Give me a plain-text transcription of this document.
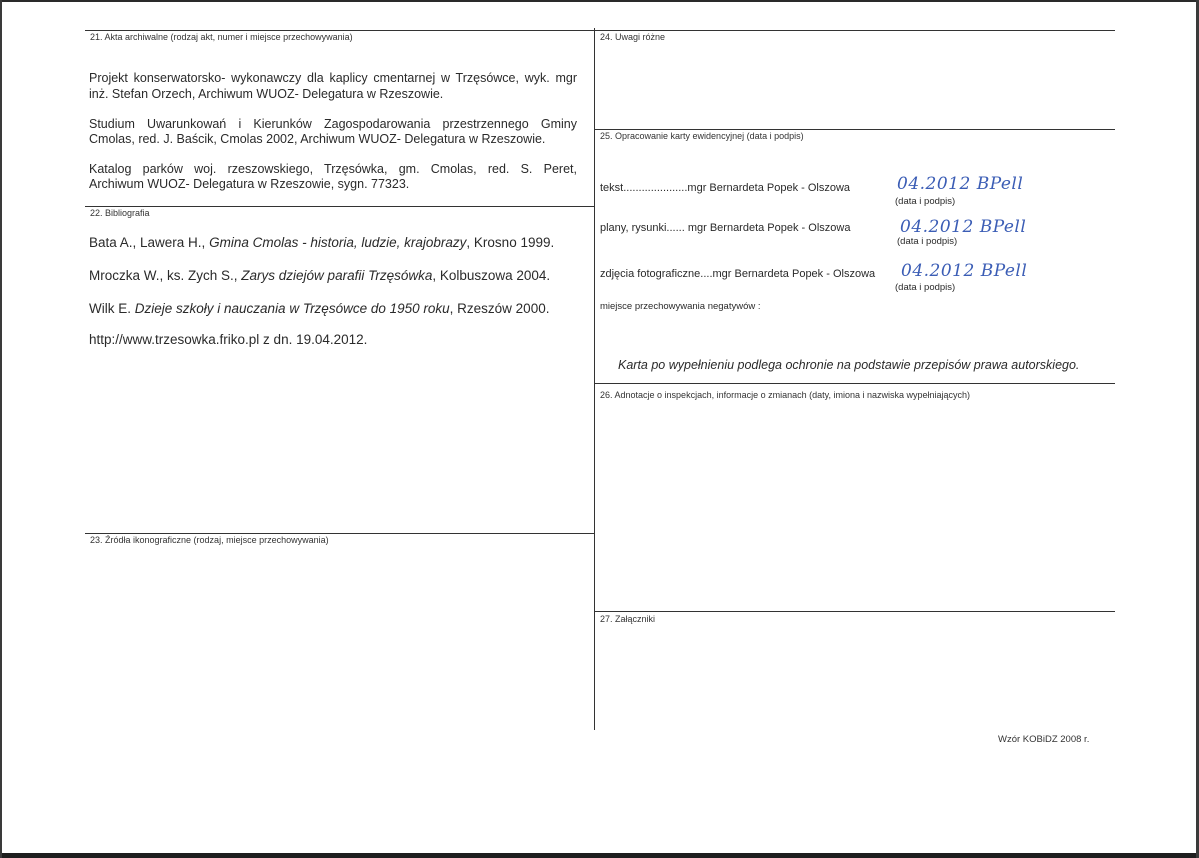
21. Akta archiwalne (rodzaj akt, numer i miejsce przechowywania)
Projekt konserwatorsko- wykonawczy dla kaplicy cmentarnej w Trzęsówce, wyk. mgr
inż. Stefan Orzech, Archiwum WUOZ- Delegatura w Rzeszowie.
Studium Uwarunkowań i Kierunków Zagospodarowania przestrzennego Gminy
Cmolas, red. J. Baścik, Cmolas 2002, Archiwum WUOZ- Delegatura w Rzeszowie.
Katalog parków woj. rzeszowskiego, Trzęsówka, gm. Cmolas, red. S. Peret,
Archiwum WUOZ- Delegatura w Rzeszowie, sygn. 77323.
22. Bibliografia
Bata A., Lawera H., Gmina Cmolas - historia, ludzie, krajobrazy, Krosno 1999.
Mroczka W., ks. Zych S., Zarys dziejów parafii Trzęsówka, Kolbuszowa 2004.
Wilk E. Dzieje szkoły i nauczania w Trzęsówce do 1950 roku, Rzeszów 2000.
http://www.trzesowka.friko.pl z dn. 19.04.2012.
23. Źródła ikonograficzne (rodzaj, miejsce przechowywania)
24. Uwagi różne
25. Opracowanie karty ewidencyjnej (data i podpis)
tekst.....................mgr Bernardeta Popek - Olszowa	04.2012 BPell
(data i podpis)
plany, rysunki...... mgr Bernardeta Popek - Olszowa	04.2012 BPell
(data i podpis)
zdjęcia fotograficzne....mgr Bernardeta Popek - Olszowa 04.2012 BPell
(data i podpis)
miejsce przechowywania negatywów :
Karta po wypełnieniu podlega ochronie na podstawie przepisów prawa autorskiego.
26. Adnotacje o inspekcjach, informacje o zmianach (daty, imiona i nazwiska wypełniających)
27. Załączniki
Wzór KOBiDZ 2008 r.
